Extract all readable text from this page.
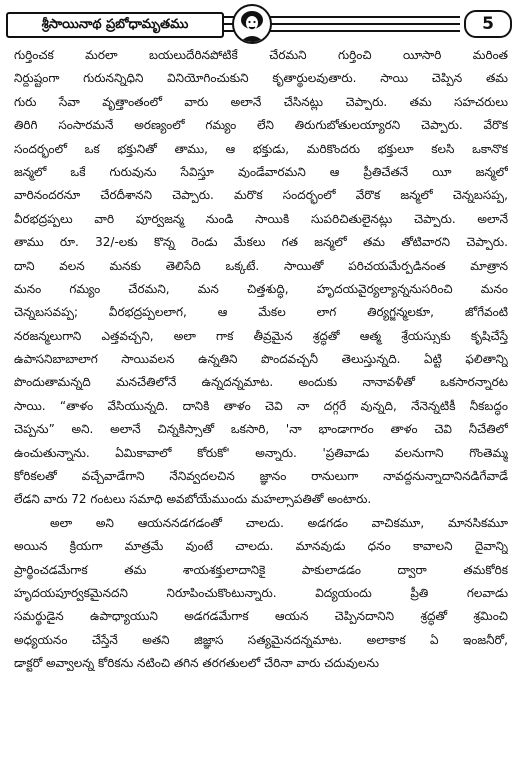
శ్రీసాయినాథ ప్రబోధామృతము	5
గుర్తించక మరలా బయలుదేరినపోటికే చేరమని గుర్తించి యీసారి మరింత
నిర్దుష్టంగా గురునన్నిధిని వినియోగించుకుని కృతార్థులవుతారు. సాయి చెప్పిన తమ
గురు సేవా వృత్తాంతంలో వారు అలానే చేసినట్లు చెప్పారు. తమ సహచరులు
తిరిగి సంసారమనే అరణ్యంలో గమ్యం లేని తిరుగుబోతులయ్యారని చెప్పారు. వేరొక
సందర్భంలో ఒక భక్తునితో తాము, ఆ భక్తుడు, మరికొందరు భక్తులూ కలసి ఒకానొక
జన్మలో ఒకే గురువును సేవిస్తూ వుండేవారమని ఆ ప్రీతిచేతనే యీ జన్మలో
వారినందరనూ చేరదీశానని చెప్పారు. మరొక సందర్భంలో వేరొక జన్మలో చెన్నబసప్ప,
వీరభద్రప్పలు వారి పూర్వజన్మ నుండి సాయికి సుపరిచితులైనట్లు చెప్పారు. అలానే
తాము రూ. 32/-లకు కొన్న రెండు మేకలు గత జన్మలో తమ తోటివారని చెప్పారు.
దాని వలన మనకు తెలిసేది ఒక్కటే. సాయితో పరిచయమేర్పడినంత మాత్రాన
మనం గమ్యం చేరమని, మన చిత్తశుద్ధి, హృదయవైర్యల్యాన్ననుసరించి మనం
చెన్నబసవప్ప; వీరభద్రప్పలలాగ, ఆ మేకల లాగ తిర్యగ్జన్మలకూ, జోగేవంటి
నరజన్మలుగాని ఎత్తవచ్చని, అలా గాక తీవ్రమైన శ్రద్ధతో ఆత్మ శ్రేయస్సుకు కృషిచేస్తే
ఉపాసనిబాబాలాగ సాయివలన ఉన్నతిని పొందవచ్చనీ తెలుస్తున్నది. ఏట్టి ఫలితాన్ని
పొందుతామన్నది మనచేతిలోనే ఉన్నదన్నమాట. అందుకు నానావళీతో ఒకసారన్నారట
సాయి. “తాళం వేసియున్నది. దానికి తాళం చెవి నా దగ్గరే వున్నది, నేనెన్నటికీ నీకబద్ధం
చెప్పను” అని. అలానే చిన్నకిస్సాతో ఒకసారి, 'నా భాండాగారం తాళం చెవి నీచేతిలో
ఉంచుతున్నాను. ఏమికావాలో కోరుకో' అన్నారు. 'ప్రతివాడు వలనుగాని గొంతెమ్మ
కోరికలతో వచ్చేవాడేగాని నేనివ్వదలచిన జ్ఞానం రానులుగా నావద్దనున్నాదానినడిగేవాడే
లేడని వారు 72 గంటలు సమాధి అవబోయేముందు మహల్సాపతితో అంటారు.
అలా అని ఆయననడగడంతో చాలదు. అడగడం వాచికమూ, మానసికమూ
అయిన క్రియగా మాత్రమే వుంటే చాలదు. మానవుడు ధనం కావాలని దైవాన్ని
ప్రార్థించడమేగాక తమ శాయశక్తులాదానికై పాకులాడడం ద్వారా తమకోరిక
హృదయపూర్వకమైనదని నిరూపించుకొంటున్నారు. విద్యయందు ప్రీతి గలవాడు
సమర్థుడైన ఉపాధ్యాయుని అడగడమేగాక ఆయన చెప్పినదానిని శ్రద్ధతో శ్రమించి
అధ్యయనం చేస్తేనే అతని జిజ్ఞాస సత్యమైనదన్నమాట. అలాకాక ఏ ఇంజనీరో,
డాక్టరో అవ్వాలన్న కోరికను నటించి తగిన తరగతులలో చేరినా వారు చదువులను
